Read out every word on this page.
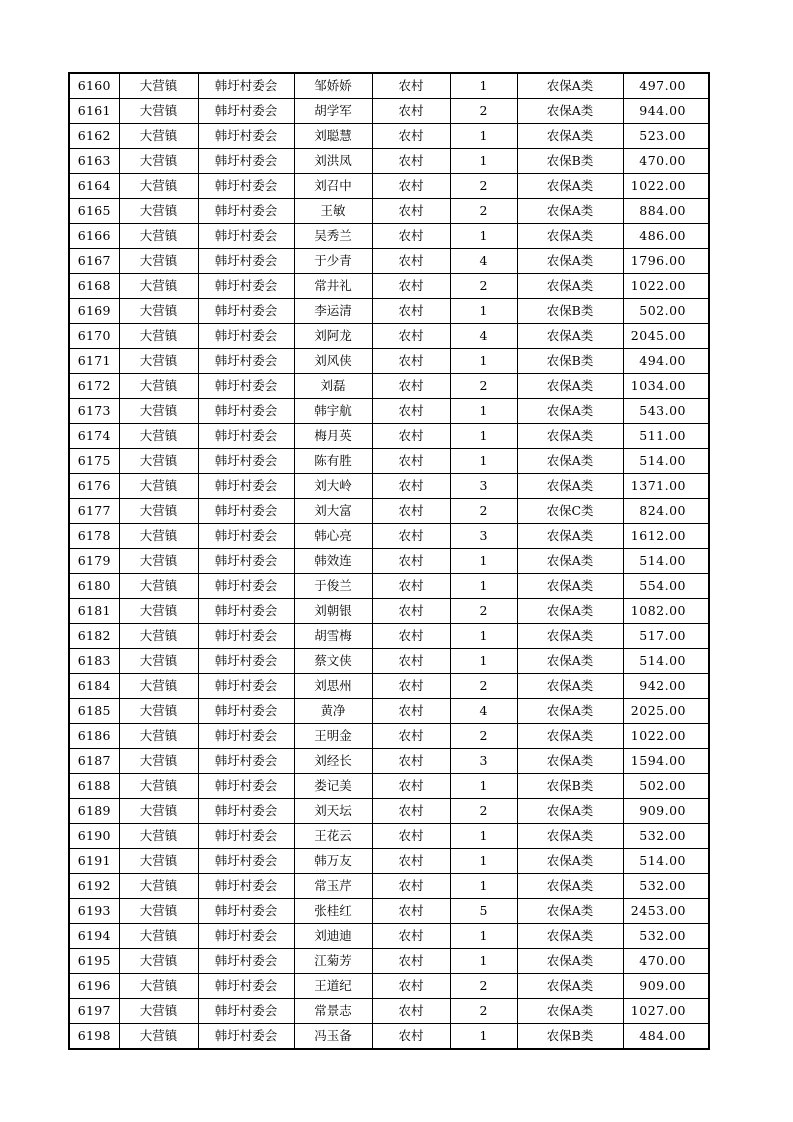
6160	大营镇	韩圩村委会	邹娇娇	农村	1	农保A类	497.00
6161	大营镇	韩圩村委会	胡学军	农村	2	农保A类	944.00
6162	大营镇	韩圩村委会	刘聪慧	农村	1	农保A类	523.00
6163	大营镇	韩圩村委会	刘洪凤	农村	1	农保B类	470.00
6164	大营镇	韩圩村委会	刘召中	农村	2	农保A类	1022.00
6165	大营镇	韩圩村委会	王敏	农村	2	农保A类	884.00
6166	大营镇	韩圩村委会	吴秀兰	农村	1	农保A类	486.00
6167	大营镇	韩圩村委会	于少青	农村	4	农保A类	1796.00
6168	大营镇	韩圩村委会	常井礼	农村	2	农保A类	1022.00
6169	大营镇	韩圩村委会	李运清	农村	1	农保B类	502.00
6170	大营镇	韩圩村委会	刘阿龙	农村	4	农保A类	2045.00
6171	大营镇	韩圩村委会	刘风侠	农村	1	农保B类	494.00
6172	大营镇	韩圩村委会	刘磊	农村	2	农保A类	1034.00
6173	大营镇	韩圩村委会	韩宇航	农村	1	农保A类	543.00
6174	大营镇	韩圩村委会	梅月英	农村	1	农保A类	511.00
6175	大营镇	韩圩村委会	陈有胜	农村	1	农保A类	514.00
6176	大营镇	韩圩村委会	刘大岭	农村	3	农保A类	1371.00
6177	大营镇	韩圩村委会	刘大富	农村	2	农保C类	824.00
6178	大营镇	韩圩村委会	韩心亮	农村	3	农保A类	1612.00
6179	大营镇	韩圩村委会	韩效连	农村	1	农保A类	514.00
6180	大营镇	韩圩村委会	于俊兰	农村	1	农保A类	554.00
6181	大营镇	韩圩村委会	刘朝银	农村	2	农保A类	1082.00
6182	大营镇	韩圩村委会	胡雪梅	农村	1	农保A类	517.00
6183	大营镇	韩圩村委会	蔡文侠	农村	1	农保A类	514.00
6184	大营镇	韩圩村委会	刘思州	农村	2	农保A类	942.00
6185	大营镇	韩圩村委会	黄净	农村	4	农保A类	2025.00
6186	大营镇	韩圩村委会	王明金	农村	2	农保A类	1022.00
6187	大营镇	韩圩村委会	刘经长	农村	3	农保A类	1594.00
6188	大营镇	韩圩村委会	娄记美	农村	1	农保B类	502.00
6189	大营镇	韩圩村委会	刘天坛	农村	2	农保A类	909.00
6190	大营镇	韩圩村委会	王花云	农村	1	农保A类	532.00
6191	大营镇	韩圩村委会	韩万友	农村	1	农保A类	514.00
6192	大营镇	韩圩村委会	常玉芹	农村	1	农保A类	532.00
6193	大营镇	韩圩村委会	张桂红	农村	5	农保A类	2453.00
6194	大营镇	韩圩村委会	刘迪迪	农村	1	农保A类	532.00
6195	大营镇	韩圩村委会	江菊芳	农村	1	农保A类	470.00
6196	大营镇	韩圩村委会	王道纪	农村	2	农保A类	909.00
6197	大营镇	韩圩村委会	常景志	农村	2	农保A类	1027.00
6198	大营镇	韩圩村委会	冯玉备	农村	1	农保B类	484.00
